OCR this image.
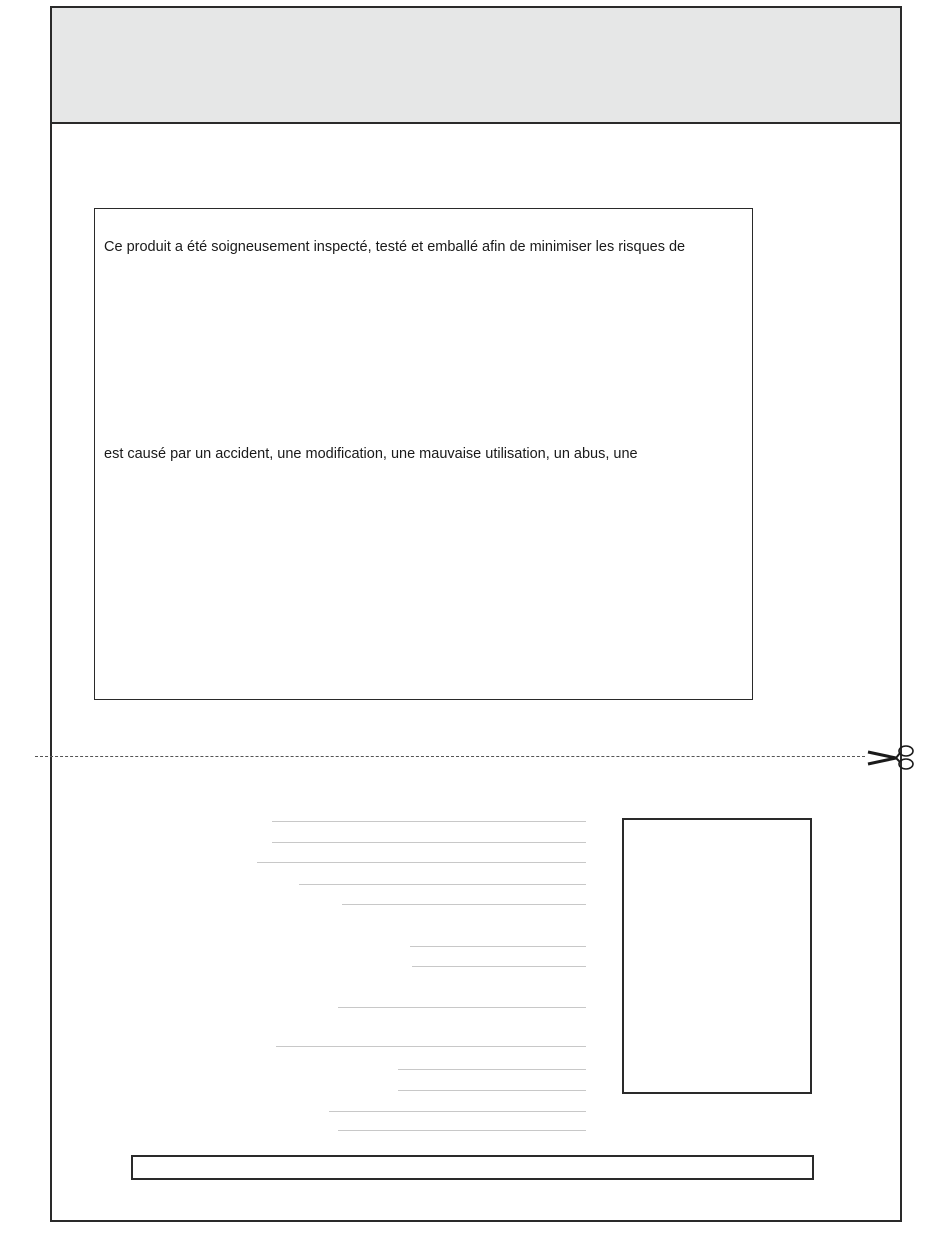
Ce produit a été soigneusement inspecté, testé et emballé afin de minimiser les risques de
est causé par un accident, une modification, une mauvaise utilisation, un abus, une
